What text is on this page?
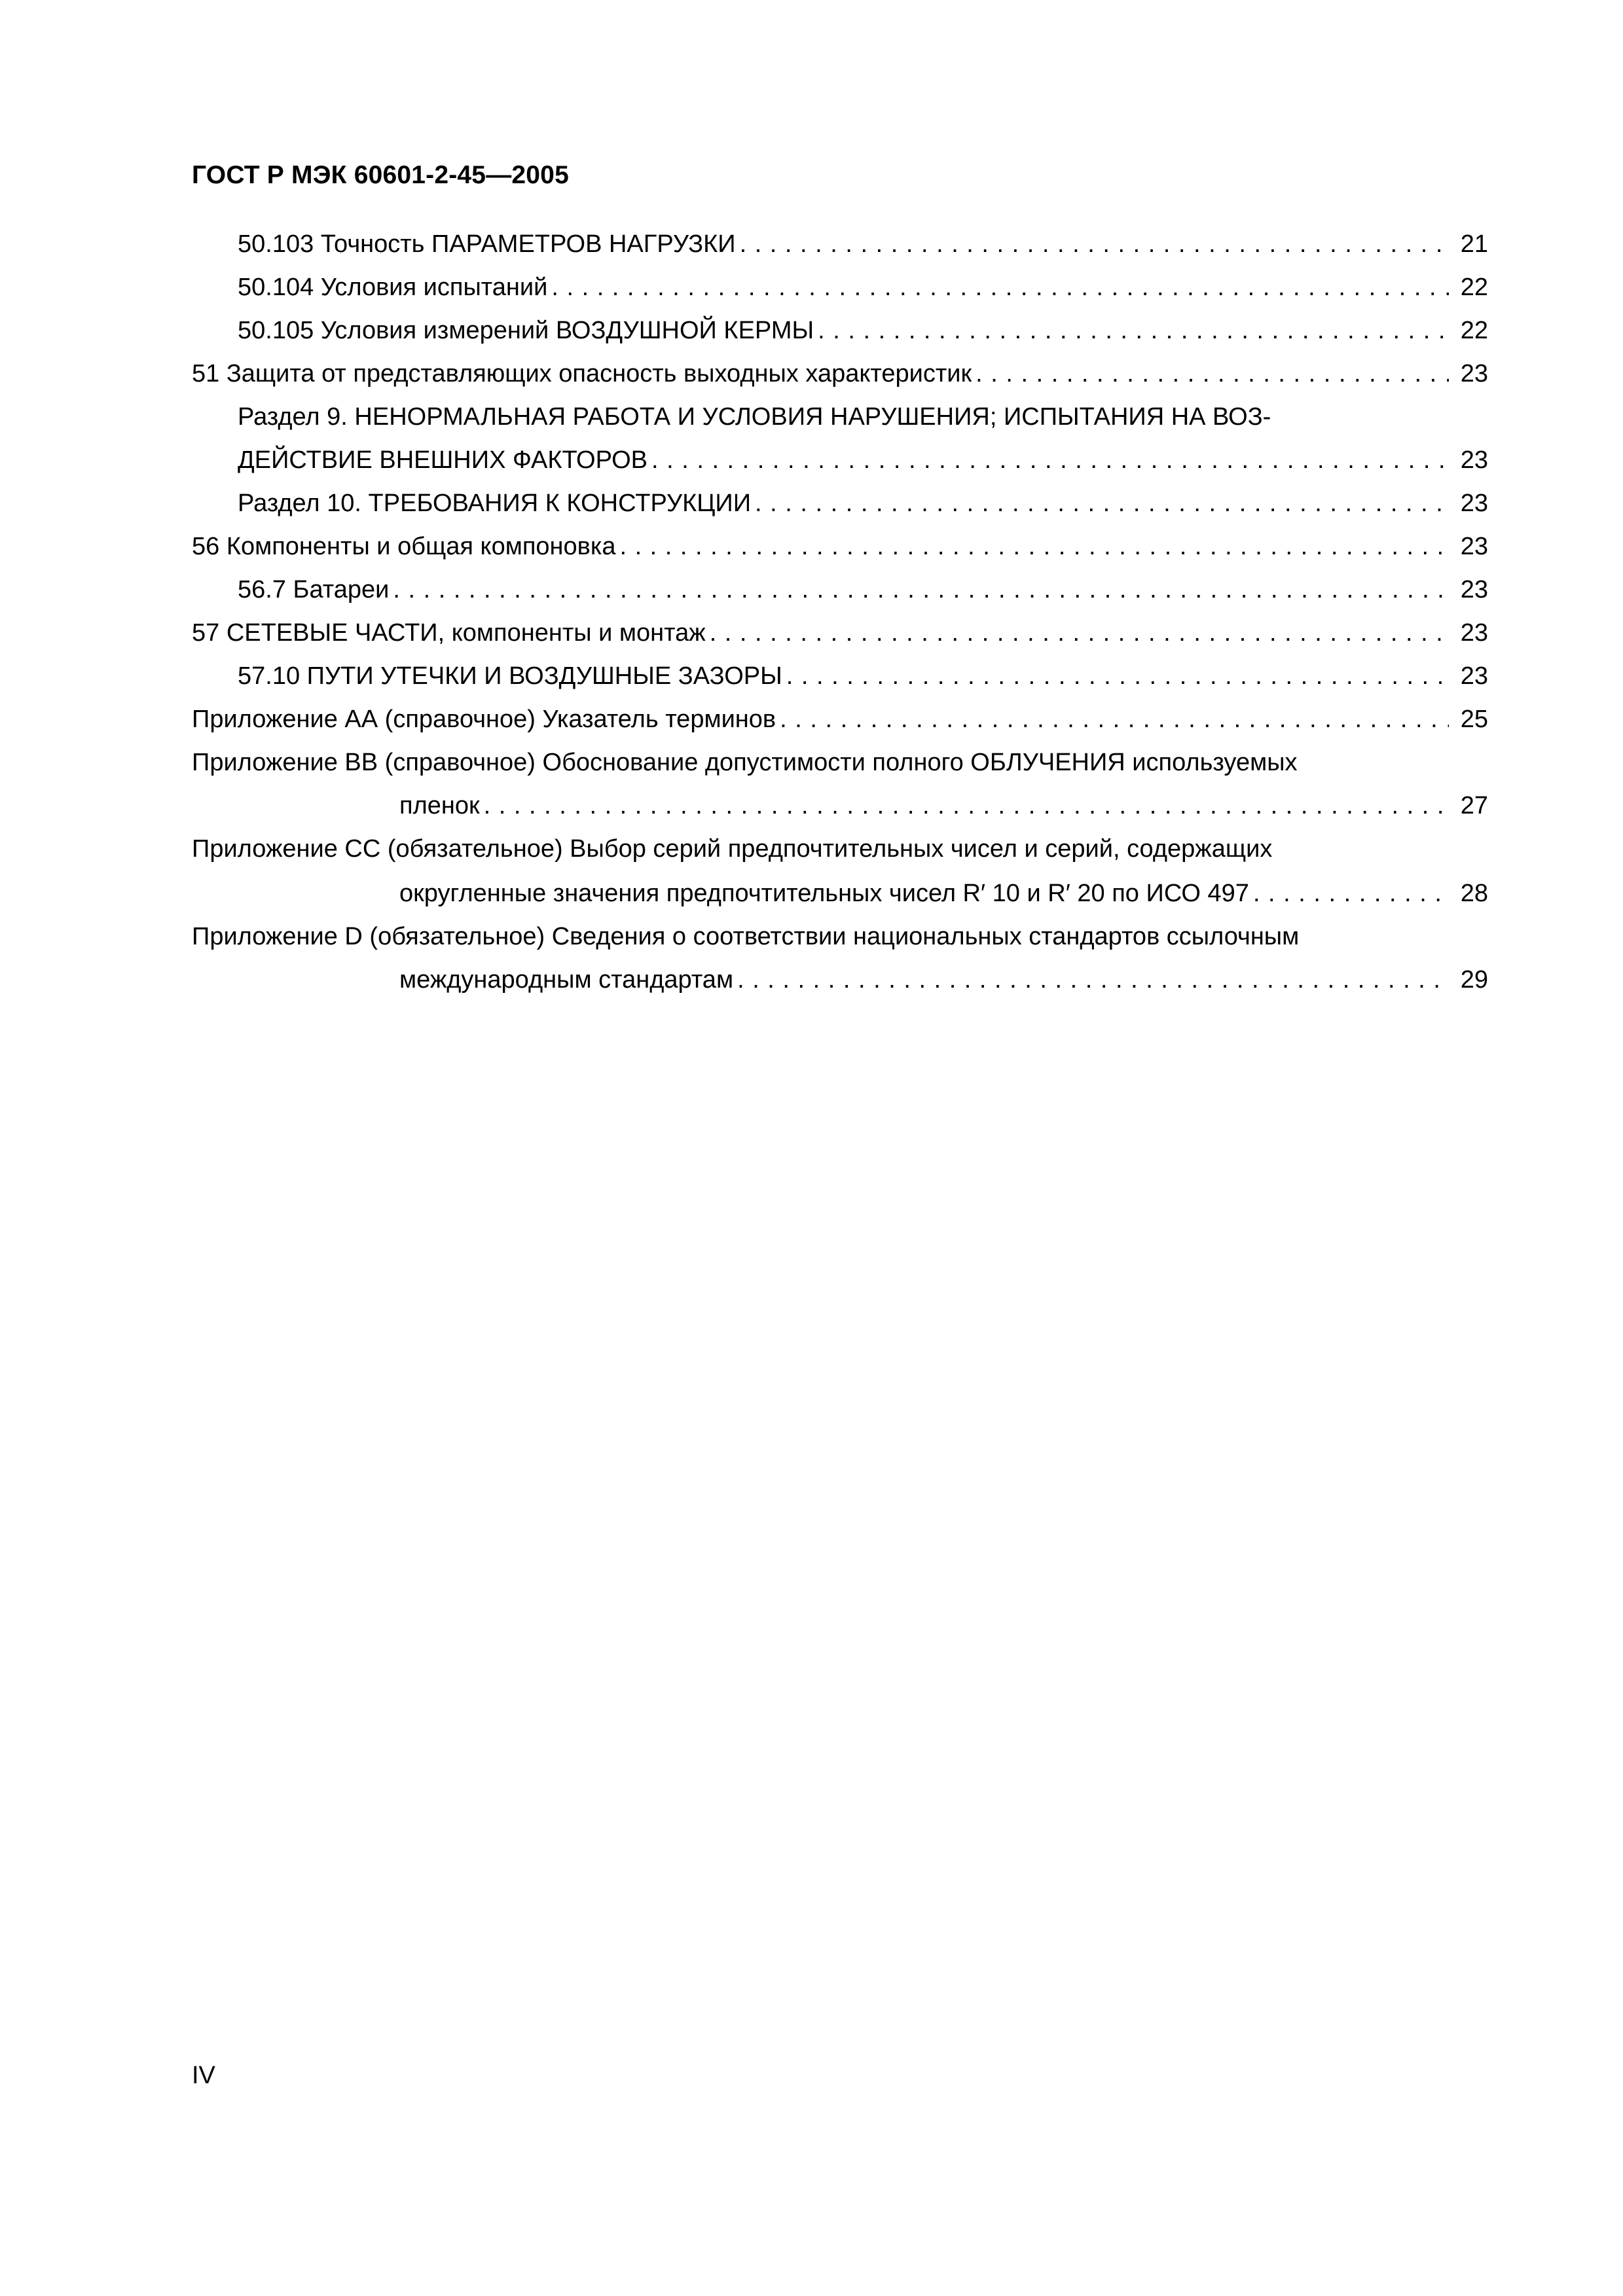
ГОСТ Р МЭК 60601-2-45—2005
50.103 Точность ПАРАМЕТРОВ НАГРУЗКИ . . .	21
50.104 Условия испытаний . . .	22
50.105 Условия измерений ВОЗДУШНОЙ КЕРМЫ . . .	22
51 Защита от представляющих опасность выходных характеристик . . .	23
Раздел 9. НЕНОРМАЛЬНАЯ РАБОТА И УСЛОВИЯ НАРУШЕНИЯ; ИСПЫТАНИЯ НА ВОЗ-
ДЕЙСТВИЕ ВНЕШНИХ ФАКТОРОВ . . .	23
Раздел 10. ТРЕБОВАНИЯ К КОНСТРУКЦИИ . . .	23
56 Компоненты и общая компоновка . . .	23
56.7 Батареи . . .	23
57 СЕТЕВЫЕ ЧАСТИ, компоненты и монтаж . . .	23
57.10 ПУТИ УТЕЧКИ И ВОЗДУШНЫЕ ЗАЗОРЫ . . .	23
Приложение АА (справочное) Указатель терминов . . .	25
Приложение ВВ (справочное) Обоснование допустимости полного ОБЛУЧЕНИЯ используемых
пленок . . .	27
Приложение СС (обязательное) Выбор серий предпочтительных чисел и серий, содержащих
округленные значения предпочтительных чисел R′ 10 и R′ 20 по ИСО 497 . . .	28
Приложение D (обязательное) Сведения о соответствии национальных стандартов ссылочным
международным стандартам . . .	29
IV
